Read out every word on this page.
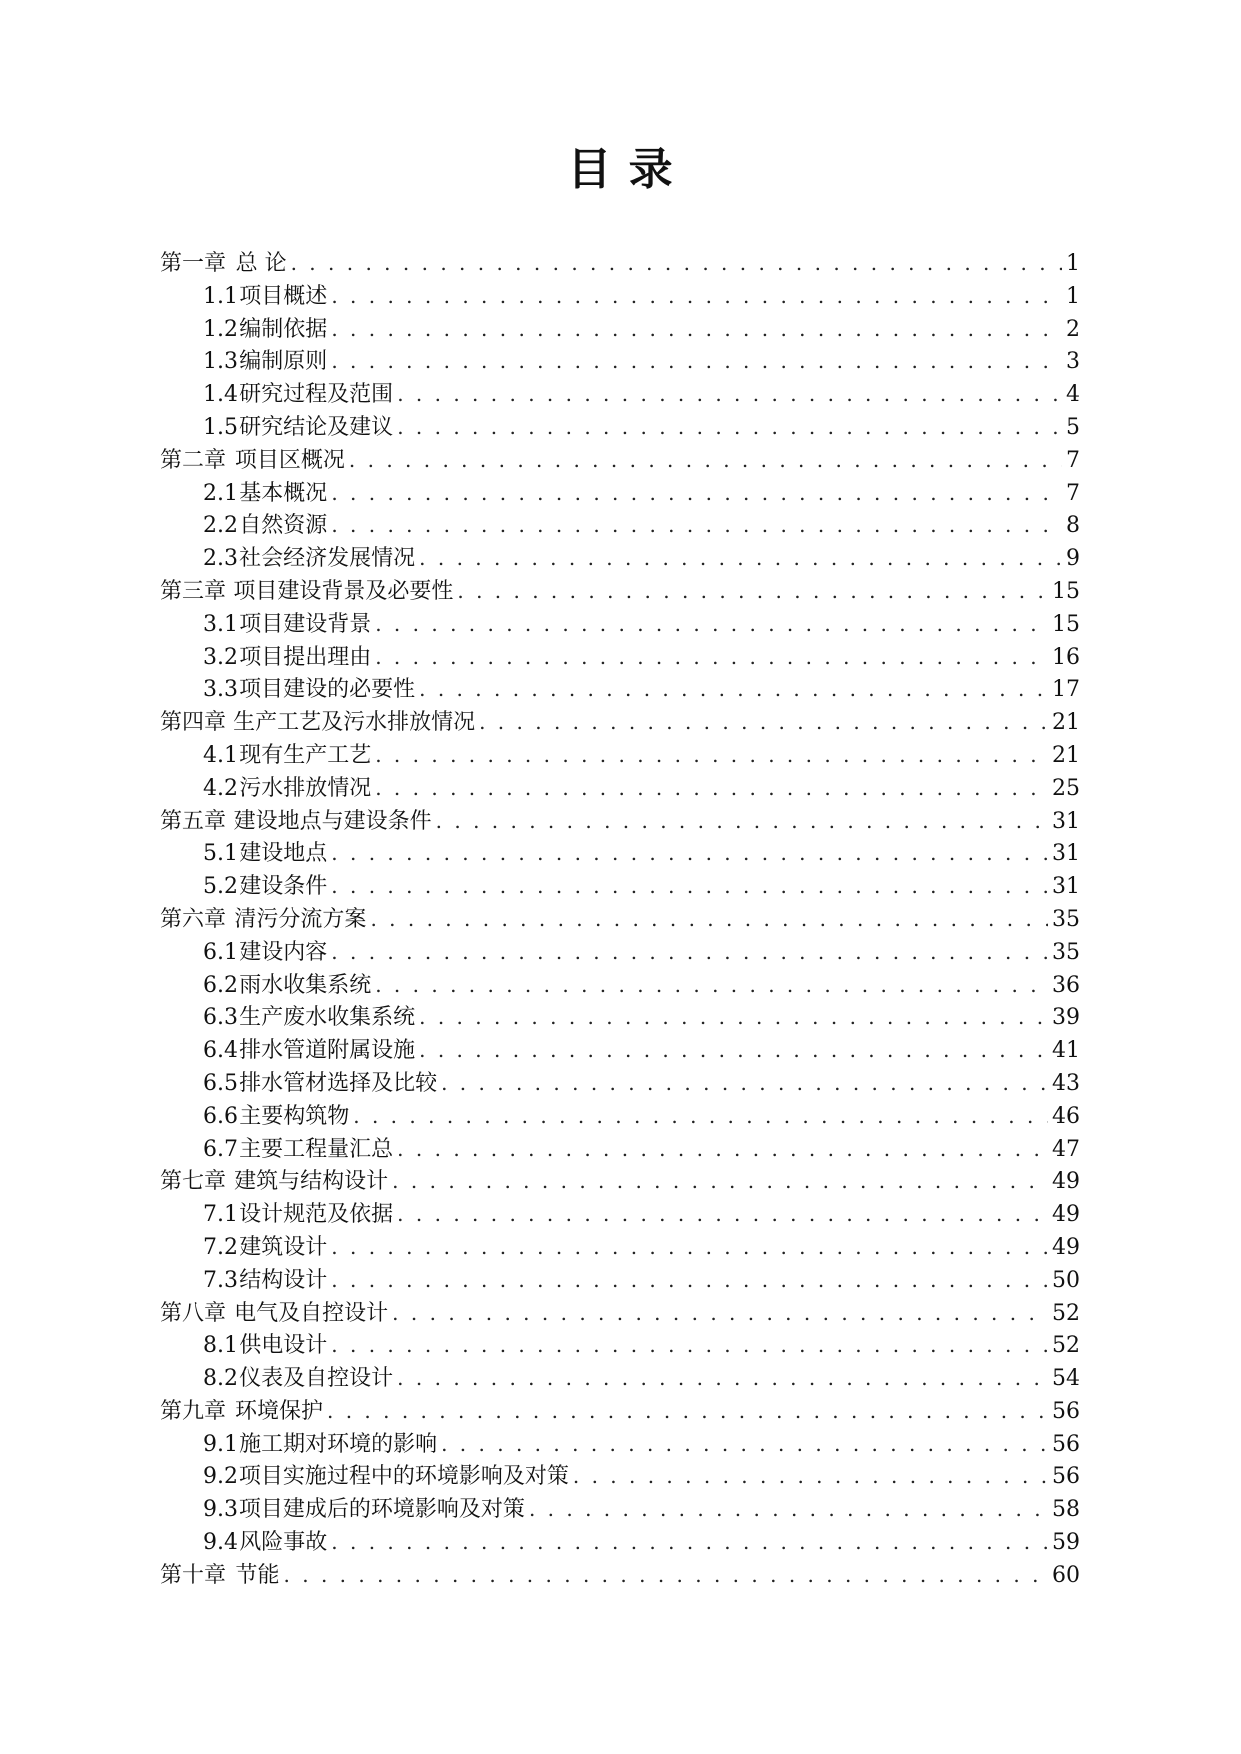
目 录
第一章 总 论 . . .	1
1.1 项目概述 . . .	1
1.2 编制依据 . . .	2
1.3 编制原则 . . .	3
1.4 研究过程及范围 . . .	4
1.5 研究结论及建议 . . .	5
第二章 项目区概况 . . .	7
2.1 基本概况 . . .	7
2.2 自然资源 . . .	8
2.3 社会经济发展情况 . . .	9
第三章 项目建设背景及必要性 . . .	15
3.1 项目建设背景 . . .	15
3.2 项目提出理由 . . .	16
3.3 项目建设的必要性 . . .	17
第四章 生产工艺及污水排放情况 . . .	21
4.1 现有生产工艺 . . .	21
4.2 污水排放情况 . . .	25
第五章 建设地点与建设条件 . . .	31
5.1 建设地点 . . .	31
5.2 建设条件 . . .	31
第六章 清污分流方案 . . .	35
6.1 建设内容 . . .	35
6.2 雨水收集系统 . . .	36
6.3 生产废水收集系统 . . .	39
6.4 排水管道附属设施 . . .	41
6.5 排水管材选择及比较 . . .	43
6.6 主要构筑物 . . .	46
6.7 主要工程量汇总 . . .	47
第七章 建筑与结构设计 . . .	49
7.1 设计规范及依据 . . .	49
7.2 建筑设计 . . .	49
7.3 结构设计 . . .	50
第八章 电气及自控设计 . . .	52
8.1 供电设计 . . .	52
8.2 仪表及自控设计 . . .	54
第九章 环境保护 . . .	56
9.1 施工期对环境的影响 . . .	56
9.2 项目实施过程中的环境影响及对策 . . .	56
9.3 项目建成后的环境影响及对策 . . .	58
9.4 风险事故 . . .	59
第十章 节能 . . .	60
